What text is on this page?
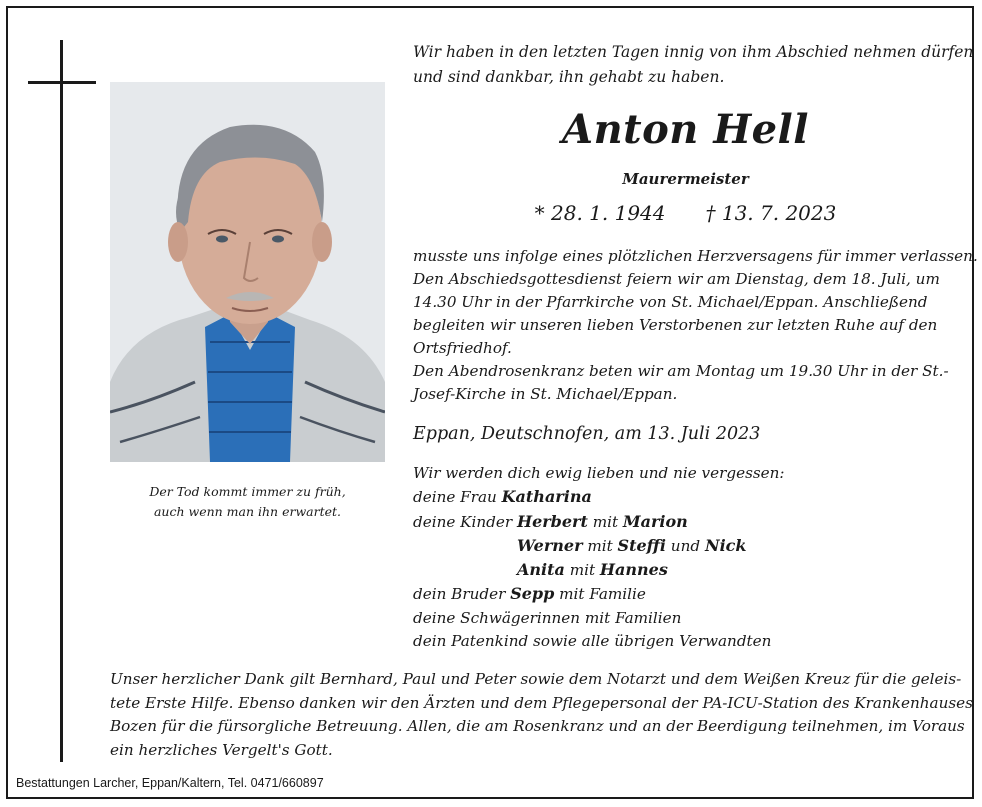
Der Tod kommt immer zu früh,
auch wenn man ihn erwartet.
Wir haben in den letzten Tagen innig von ihm Abschied nehmen dürfen
und sind dankbar, ihn gehabt zu haben.
Anton Hell
Maurermeister
* 28. 1. 1944 † 13. 7. 2023
musste uns infolge eines plötzlichen Herzversagens für immer verlassen.
Den Abschiedsgottesdienst feiern wir am Dienstag, dem 18. Juli, um
14.30 Uhr in der Pfarrkirche von St. Michael/Eppan. Anschließend
begleiten wir unseren lieben Verstorbenen zur letzten Ruhe auf den
Ortsfriedhof.
Den Abendrosenkranz beten wir am Montag um 19.30 Uhr in der St.-
Josef-Kirche in St. Michael/Eppan.
Eppan, Deutschnofen, am 13. Juli 2023
Wir werden dich ewig lieben und nie vergessen:
deine Frau Katharina
deine Kinder Herbert mit Marion
Werner mit Steffi und Nick
Anita mit Hannes
dein Bruder Sepp mit Familie
deine Schwägerinnen mit Familien
dein Patenkind sowie alle übrigen Verwandten
Unser herzlicher Dank gilt Bernhard, Paul und Peter sowie dem Notarzt und dem Weißen Kreuz für die geleis-
tete Erste Hilfe. Ebenso danken wir den Ärzten und dem Pflegepersonal der PA-ICU-Station des Krankenhauses
Bozen für die fürsorgliche Betreuung. Allen, die am Rosenkranz und an der Beerdigung teilnehmen, im Voraus
ein herzliches Vergelt's Gott.
Bestattungen Larcher, Eppan/Kaltern, Tel. 0471/660897
